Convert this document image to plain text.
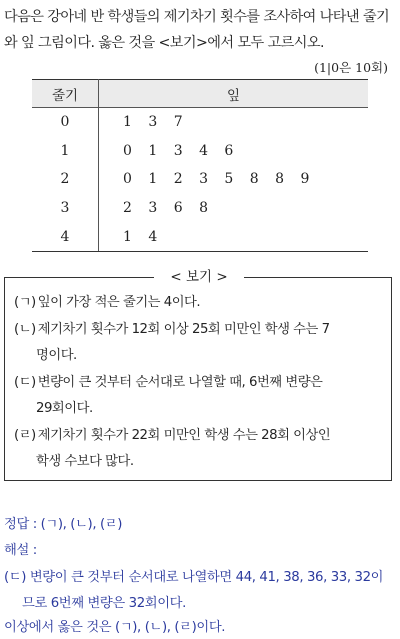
다음은 강아네 반 학생들의 제기차기 횟수를 조사하여 나타낸 줄기
와 잎 그림이다. 옳은 것을 <보기>에서 모두 고르시오.
(1|0은 10회)
줄기	잎
0	1 3 7
1	0 1 3 4 6
2	0 1 2 3 5 8 8 9
3	2 3 6 8
4	1 4
< 보기 >
(ㄱ) 잎이 가장 적은 줄기는 4이다.
(ㄴ) 제기차기 횟수가 12회 이상 25회 미만인 학생 수는 7
명이다.
(ㄷ) 변량이 큰 것부터 순서대로 나열할 때, 6번째 변량은
29회이다.
(ㄹ) 제기차기 횟수가 22회 미만인 학생 수는 28회 이상인
학생 수보다 많다.
정답 : (ㄱ), (ㄴ), (ㄹ)
해설 :
(ㄷ) 변량이 큰 것부터 순서대로 나열하면 44, 41, 38, 36, 33, 32이
므로 6번째 변량은 32회이다.
이상에서 옳은 것은 (ㄱ), (ㄴ), (ㄹ)이다.
